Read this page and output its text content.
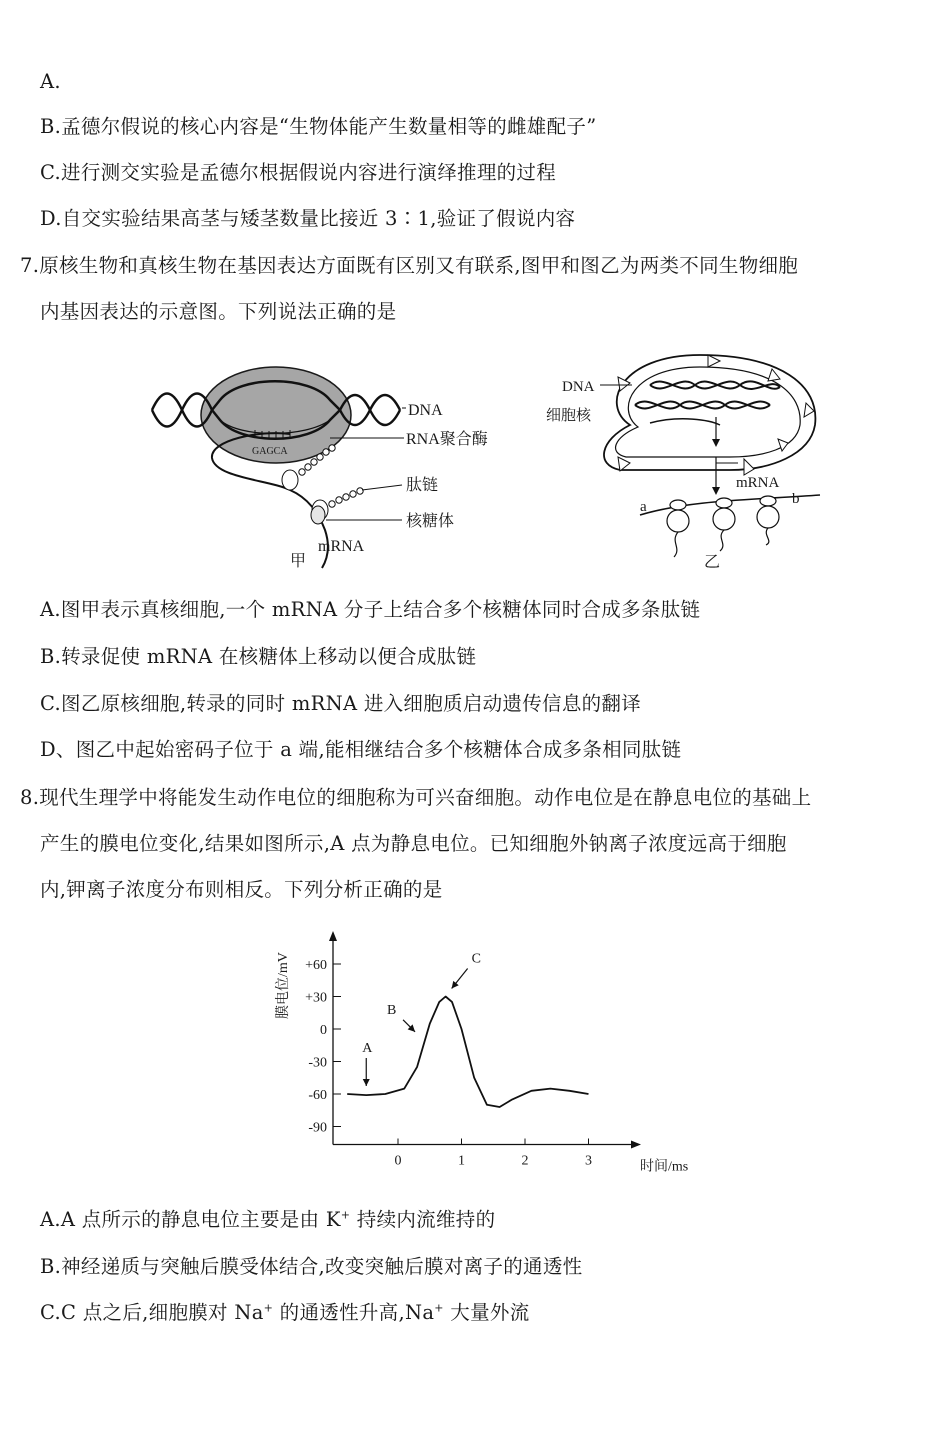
A.
B.孟德尔假说的核心内容是“生物体能产生数量相等的雌雄配子”
C.进行测交实验是孟德尔根据假说内容进行演绎推理的过程
D.自交实验结果高茎与矮茎数量比接近 3∶1,验证了假说内容
7.原核生物和真核生物在基因表达方面既有区别又有联系,图甲和图乙为两类不同生物细胞
内基因表达的示意图。下列说法正确的是
GAGCA
DNA
RNA聚合酶
肽链
核糖体
mRNA
甲
DNA
细胞核
mRNA
a	b
乙
A.图甲表示真核细胞,一个 mRNA 分子上结合多个核糖体同时合成多条肽链
B.转录促使 mRNA 在核糖体上移动以便合成肽链
C.图乙原核细胞,转录的同时 mRNA 进入细胞质启动遗传信息的翻译
D、图乙中起始密码子位于 a 端,能相继结合多个核糖体合成多条相同肽链
8.现代生理学中将能发生动作电位的细胞称为可兴奋细胞。动作电位是在静息电位的基础上
产生的膜电位变化,结果如图所示,A 点为静息电位。已知细胞外钠离子浓度远高于细胞
内,钾离子浓度分布则相反。下列分析正确的是
+60
+30
0
-30
-60
-90
0	1	2	3	时间/ms
膜电位/mV
A
B
C
A.A 点所示的静息电位主要是由 K+ 持续内流维持的
B.神经递质与突触后膜受体结合,改变突触后膜对离子的通透性
C.C 点之后,细胞膜对 Na+ 的通透性升高,Na+ 大量外流
